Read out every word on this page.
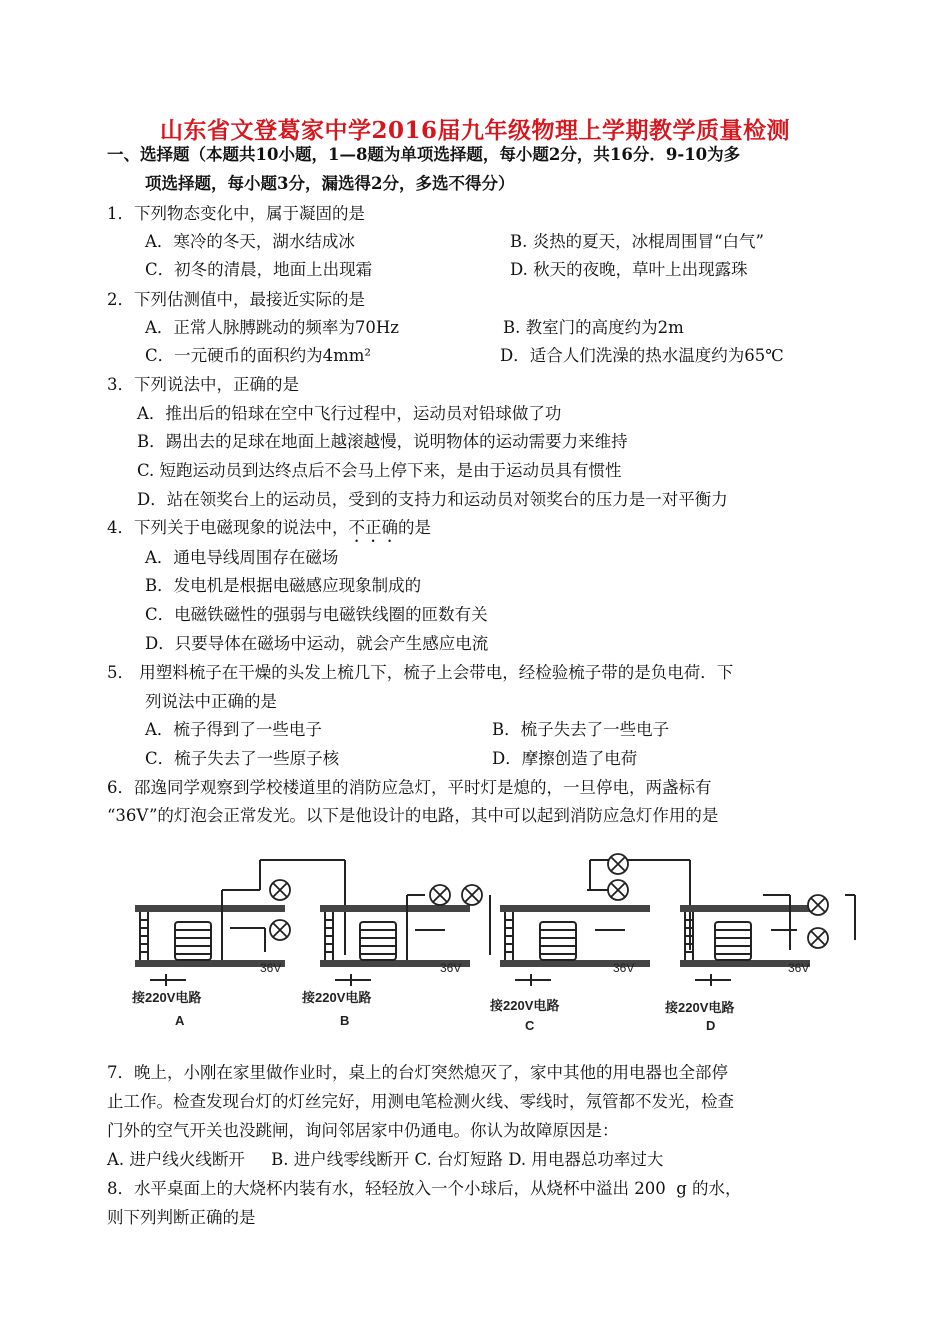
山东省文登葛家中学2016届九年级物理上学期教学质量检测
一、选择题（本题共10小题，1—8题为单项选择题，每小题2分，共16分．9-10为多
项选择题，每小题3分，漏选得2分，多选不得分）
1．下列物态变化中，属于凝固的是
A．寒冷的冬天，湖水结成冰	B. 炎热的夏天，冰棍周围冒“白气”
C．初冬的清晨，地面上出现霜	D. 秋天的夜晚，草叶上出现露珠
2．下列估测值中，最接近实际的是
A．正常人脉膊跳动的频率为70Hz	B. 教室门的高度约为2m
C．一元硬币的面积约为4mm²	D．适合人们洗澡的热水温度约为65℃
3．下列说法中，正确的是
A．推出后的铅球在空中飞行过程中，运动员对铅球做了功
B．踢出去的足球在地面上越滚越慢，说明物体的运动需要力来维持
C. 短跑运动员到达终点后不会马上停下来，是由于运动员具有惯性
D．站在领奖台上的运动员，受到的支持力和运动员对领奖台的压力是一对平衡力
4．下列关于电磁现象的说法中，不正确的是
A．通电导线周围存在磁场
B．发电机是根据电磁感应现象制成的
C．电磁铁磁性的强弱与电磁铁线圈的匝数有关
D．只要导体在磁场中运动，就会产生感应电流
5． 用塑料梳子在干燥的头发上梳几下，梳子上会带电，经检验梳子带的是负电荷．下
列说法中正确的是
A．梳子得到了一些电子	B．梳子失去了一些电子
C．梳子失去了一些原子核	D．摩擦创造了电荷
6．邵逸同学观察到学校楼道里的消防应急灯，平时灯是熄的，一旦停电，两盏标有
“36V”的灯泡会正常发光。以下是他设计的电路，其中可以起到消防应急灯作用的是
36V	36V	36V	36V
接220V电路	接220V电路
接220V电路	接220V电路
A	B	C	D
7．晚上，小刚在家里做作业时，桌上的台灯突然熄灭了，家中其他的用电器也全部停
止工作。检查发现台灯的灯丝完好，用测电笔检测火线、零线时，氖管都不发光，检查
门外的空气开关也没跳闸，询问邻居家中仍通电。你认为故障原因是：
A. 进户线火线断开     B. 进户线零线断开 C. 台灯短路 D. 用电器总功率过大
8．水平桌面上的大烧杯内装有水，轻轻放入一个小球后，从烧杯中溢出 200  g 的水，
则下列判断正确的是
